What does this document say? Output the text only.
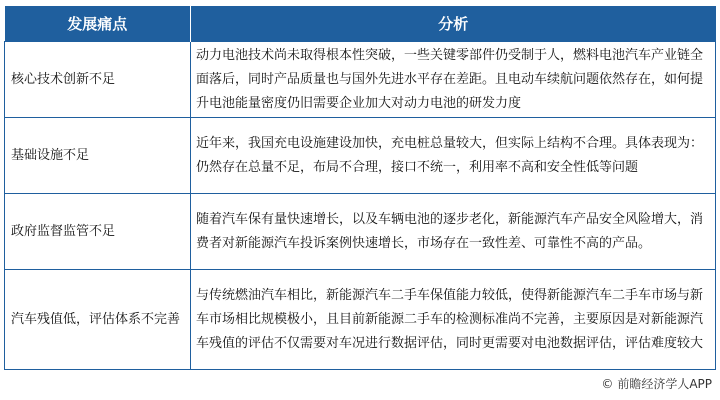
发展痛点	分析
核心技术创新不足	动力电池技术尚未取得根本性突破，一些关键零部件仍受制于人，燃料电池汽车产业链全面落后，同时产品质量也与国外先进水平存在差距。且电动车续航问题依然存在，如何提升电池能量密度仍旧需要企业加大对动力电池的研发力度
基础设施不足	近年来，我国充电设施建设加快，充电桩总量较大，但实际上结构不合理。具体表现为：仍然存在总量不足，布局不合理，接口不统一，利用率不高和安全性低等问题
政府监督监管不足	随着汽车保有量快速增长，以及车辆电池的逐步老化，新能源汽车产品安全风险增大，消费者对新能源汽车投诉案例快速增长，市场存在一致性差、可靠性不高的产品。
汽车残值低，评估体系不完善	与传统燃油汽车相比，新能源汽车二手车保值能力较低，使得新能源汽车二手车市场与新车市场相比规模极小，且目前新能源二手车的检测标准尚不完善，主要原因是对新能源汽车残值的评估不仅需要对车况进行数据评估，同时更需要对电池数据评估，评估难度较大
© 前瞻经济学人APP
